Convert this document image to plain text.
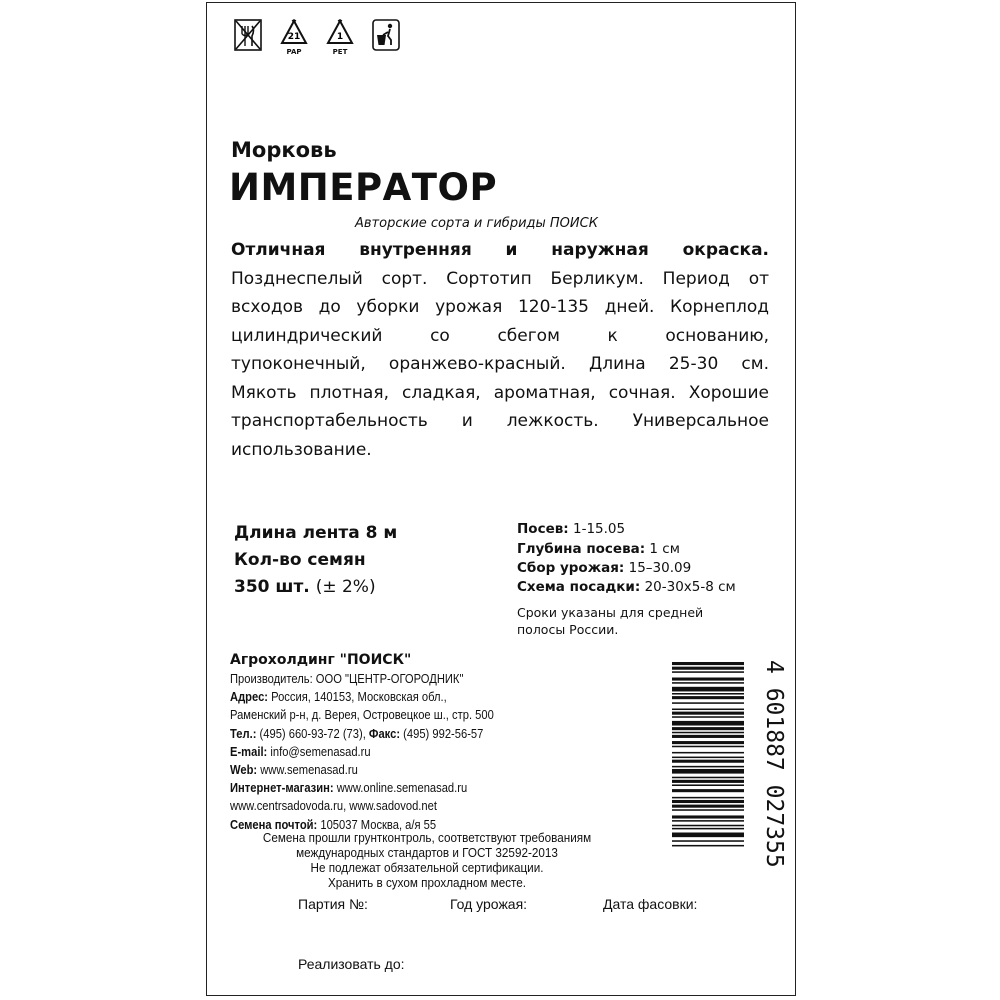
21
PAP
1
PET
Морковь
ИМПЕРАТОР
Авторские сорта и гибриды ПОИСК
Отличная внутренняя и наружная окраска.
Позднеспелый сорт. Сортотип Берликум. Период от
всходов до уборки урожая 120-135 дней. Корнеплод
цилиндрический со сбегом к основанию,
тупоконечный, оранжево-красный. Длина 25-30 см.
Мякоть плотная, сладкая, ароматная, сочная. Хорошие
транспортабельность и лежкость. Универсальное
использование.
Длина лента 8 м
Кол-во семян
350 шт. (± 2%)
Посев: 1-15.05
Глубина посева: 1 см
Сбор урожая: 15–30.09
Схема посадки: 20-30х5-8 см
Сроки указаны для средней
полосы России.
Агрохолдинг "ПОИСК"
Производитель: ООО "ЦЕНТР-ОГОРОДНИК"
Адрес: Россия, 140153, Московская обл.,
Раменский р-н, д. Верея, Островецкое ш., стр. 500
Тел.: (495) 660-93-72 (73), Факс: (495) 992-56-57
E-mail: info@semenasad.ru
Web: www.semenasad.ru
Интернет-магазин: www.online.semenasad.ru
www.centrsadovoda.ru, www.sadovod.net
Семена почтой: 105037 Москва, а/я 55	4 601887 027355
Семена прошли грунтконтроль, соответствуют требованиям
международных стандартов и ГОСТ 32592-2013
Не подлежат обязательной сертификации.
Хранить в сухом прохладном месте.
Партия №:	Год урожая:	Дата фасовки:
Реализовать до:
